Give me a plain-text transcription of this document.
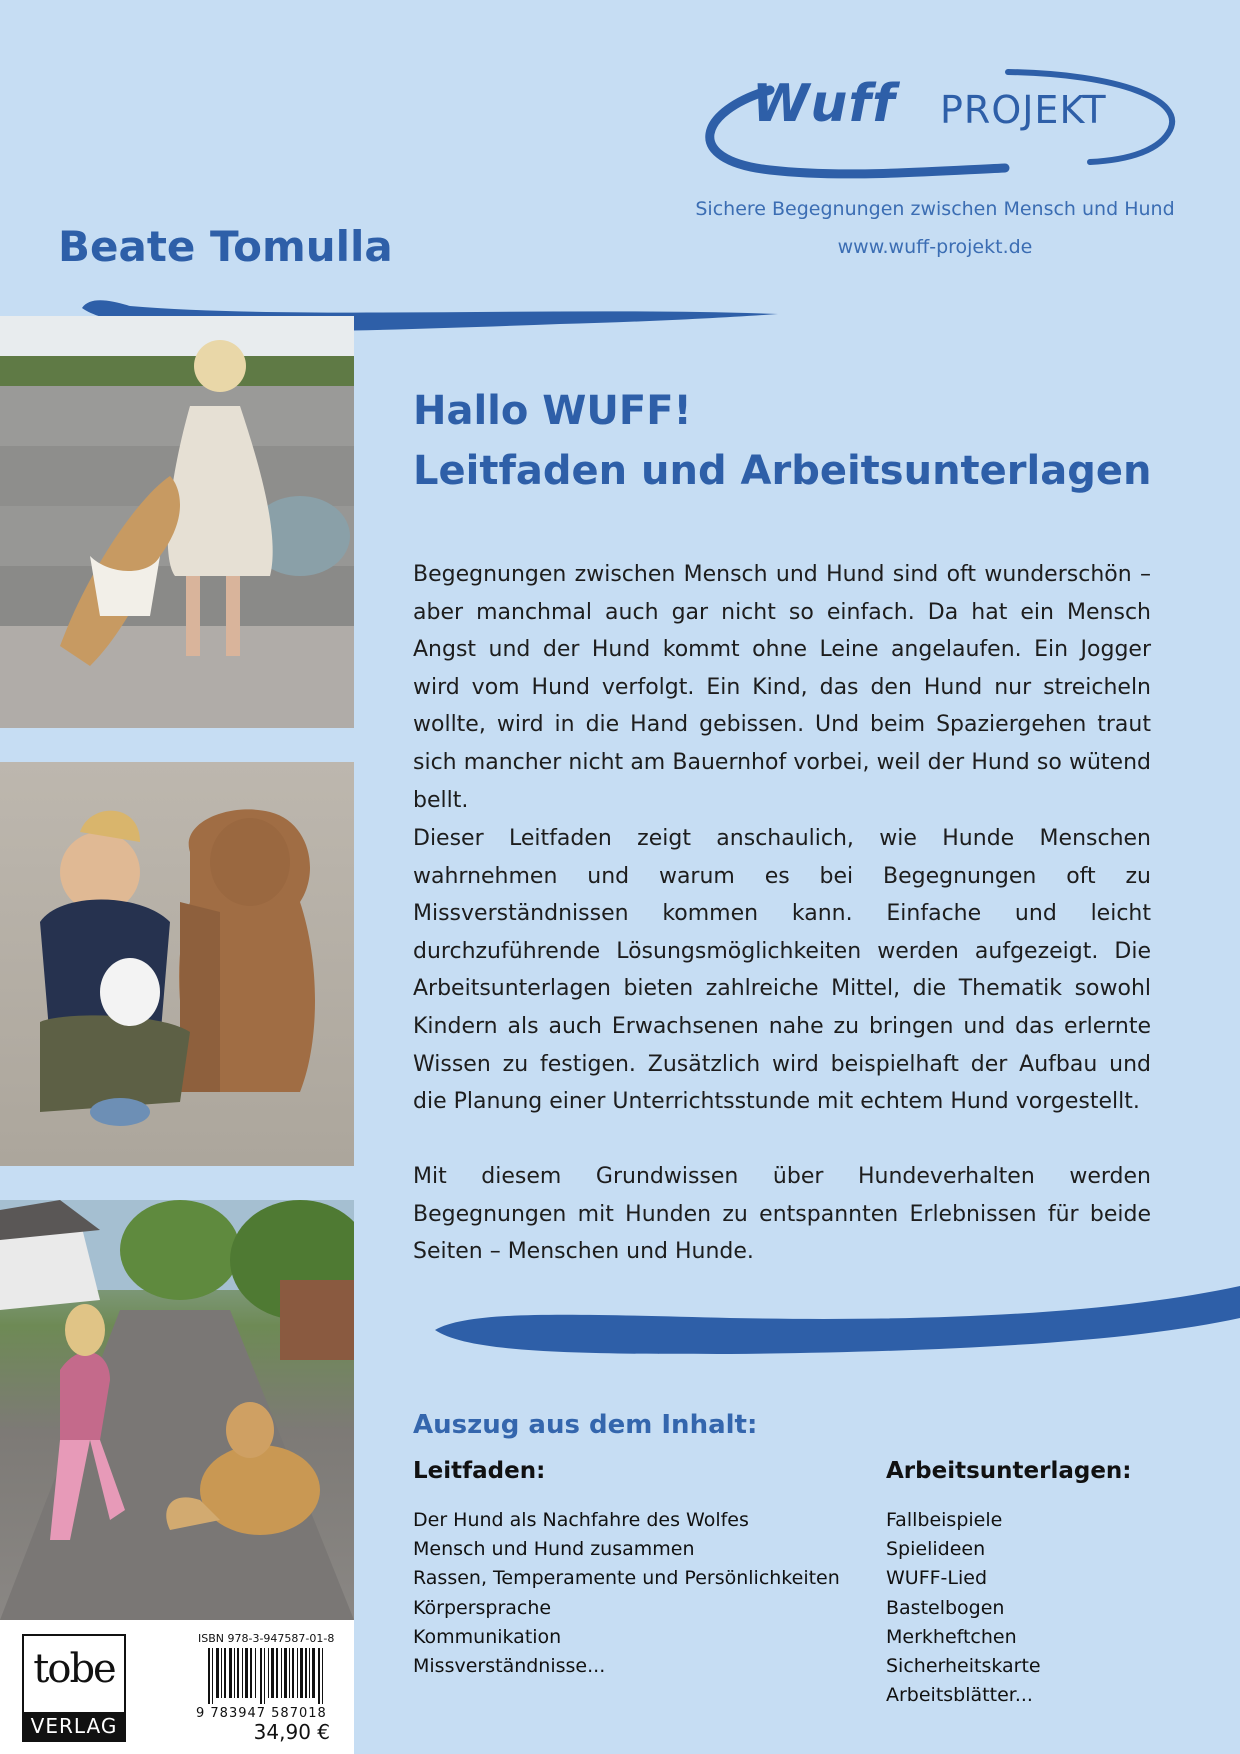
Wuff PROJEKT
Sichere Begegnungen zwischen Mensch und Hund
www.wuff-projekt.de
Beate Tomulla
tobe
VERLAG
ISBN 978-3-947587-01-8
9 783947 587018
34,90 €
Hallo WUFF!
Leitfaden und Arbeitsunterlagen

Begegnungen zwischen Mensch und Hund sind oft wunderschön – aber manchmal auch gar nicht so einfach. Da hat ein Mensch Angst und der Hund kommt ohne Leine angelaufen. Ein Jogger wird vom Hund verfolgt. Ein Kind, das den Hund nur streicheln wollte, wird in die Hand gebissen. Und beim Spaziergehen traut sich mancher nicht am Bauernhof vorbei, weil der Hund so wütend bellt.

Dieser Leitfaden zeigt anschaulich, wie Hunde Menschen wahrnehmen und warum es bei Begegnungen oft zu Missverständnissen kommen kann. Einfache und leicht durchzuführende Lösungsmöglichkeiten werden aufgezeigt. Die Arbeitsunterlagen bieten zahlreiche Mittel, die Thematik sowohl Kindern als auch Erwachsenen nahe zu bringen und das erlernte Wissen zu festigen. Zusätzlich wird beispielhaft der Aufbau und die Planung einer Unterrichtsstunde mit echtem Hund vorgestellt.

Mit diesem Grundwissen über Hundeverhalten werden Begegnungen mit Hunden zu entspannten Erlebnissen für beide Seiten – Menschen und Hunde.

Auszug aus dem Inhalt:
Leitfaden:	Arbeitsunterlagen:
Der Hund als Nachfahre des Wolfes
Mensch und Hund zusammen
Rassen, Temperamente und Persönlichkeiten
Körpersprache
Kommunikation
Missverständnisse...
Fallbeispiele
Spielideen
WUFF-Lied
Bastelbogen
Merkheftchen
Sicherheitskarte
Arbeitsblätter...
